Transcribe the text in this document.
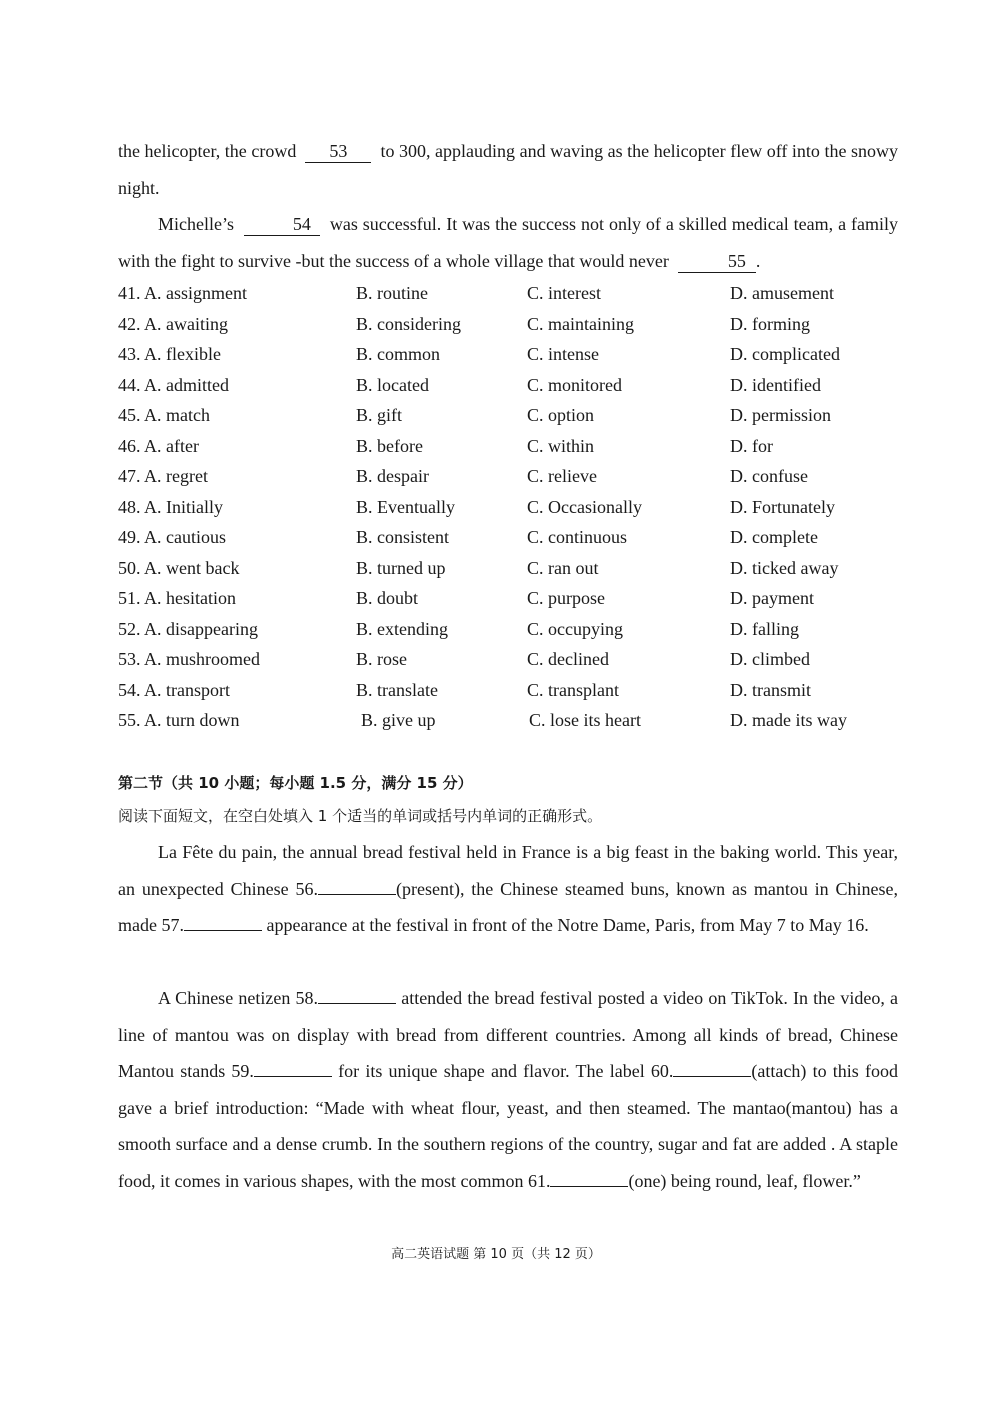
the helicopter, the crowd 53 to 300, applauding and waving as the helicopter flew off into the snowy night.

Michelle’s	54 was successful. It was the success not only of a skilled medical team, a family with the fight to survive -but the success of a whole village that would never	55 .

41. A. assignment	B. routine	C. interest	D. amusement
42. A. awaiting	B. considering	C. maintaining	D. forming
43. A. flexible	B. common	C. intense	D. complicated
44. A. admitted	B. located	C. monitored	D. identified
45. A. match	B. gift	C. option	D. permission
46. A. after	B. before	C. within	D. for
47. A. regret	B. despair	C. relieve	D. confuse
48. A. Initially	B. Eventually	C. Occasionally	D. Fortunately
49. A. cautious	B. consistent	C. continuous	D. complete
50. A. went back	B. turned up	C. ran out	D. ticked away
51. A. hesitation	B. doubt	C. purpose	D. payment
52. A. disappearing	B. extending	C. occupying	D. falling
53. A. mushroomed	B. rose	C. declined	D. climbed
54. A. transport	B. translate	C. transplant	D. transmit
55. A. turn down	B. give up	C. lose its heart	D. made its way

第二节（共 10 小题；每小题 1.5 分，满分 15 分）

阅读下面短文，在空白处填入 1 个适当的单词或括号内单词的正确形式。

La Fête du pain, the annual bread festival held in France is a big feast in the baking world. This year, an unexpected Chinese 56.	(present), the Chinese steamed buns, known as mantou in Chinese, made 57.	appearance at the festival in front of the Notre Dame, Paris, from May 7 to May 16.

A Chinese netizen 58.	attended the bread festival posted a video on TikTok. In the video, a line of mantou was on display with bread from different countries. Among all kinds of bread, Chinese Mantou stands 59.	for its unique shape and flavor. The label 60.	(attach) to this food gave a brief introduction: “Made with wheat flour, yeast, and then steamed. The mantao(mantou) has a smooth surface and a dense crumb. In the southern regions of the country, sugar and fat are added . A staple food, it comes in various shapes, with the most common 61.	(one) being round, leaf, flower.”

高二英语试题 第 10 页（共 12 页）
